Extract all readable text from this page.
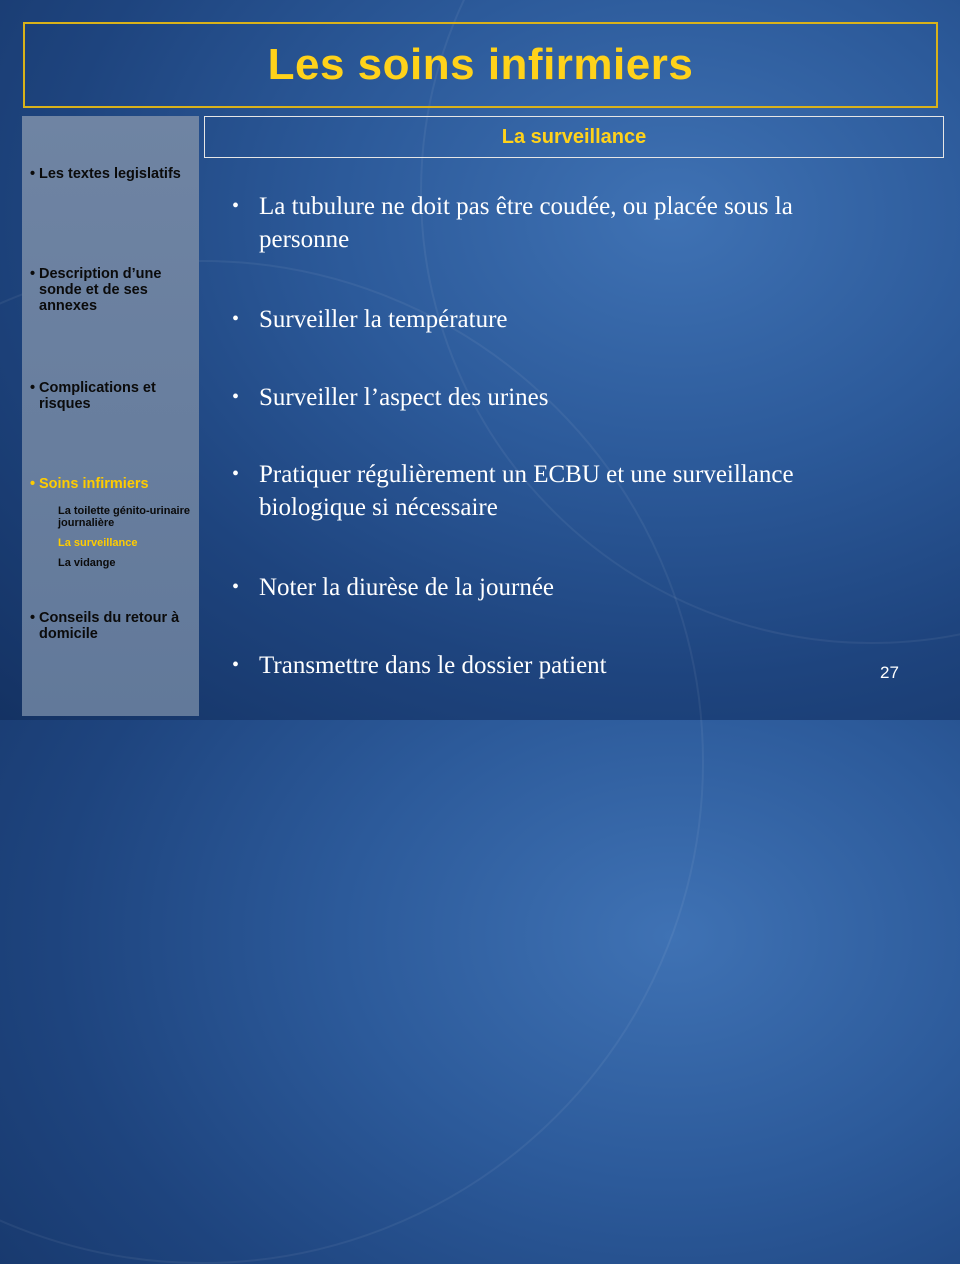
Les soins infirmiers
• Les textes legislatifs
• Description d’une sonde et de ses annexes
• Complications et risques
• Soins infirmiers
La toilette génito-urinaire journalière
La surveillance
La vidange
• Conseils du retour à domicile
La surveillance
• La tubulure ne doit pas être coudée, ou placée sous la personne
• Surveiller la température
• Surveiller l’aspect des urines
• Pratiquer régulièrement un ECBU et une surveillance biologique si nécessaire
• Noter la diurèse de la journée
• Transmettre dans le dossier patient	27
